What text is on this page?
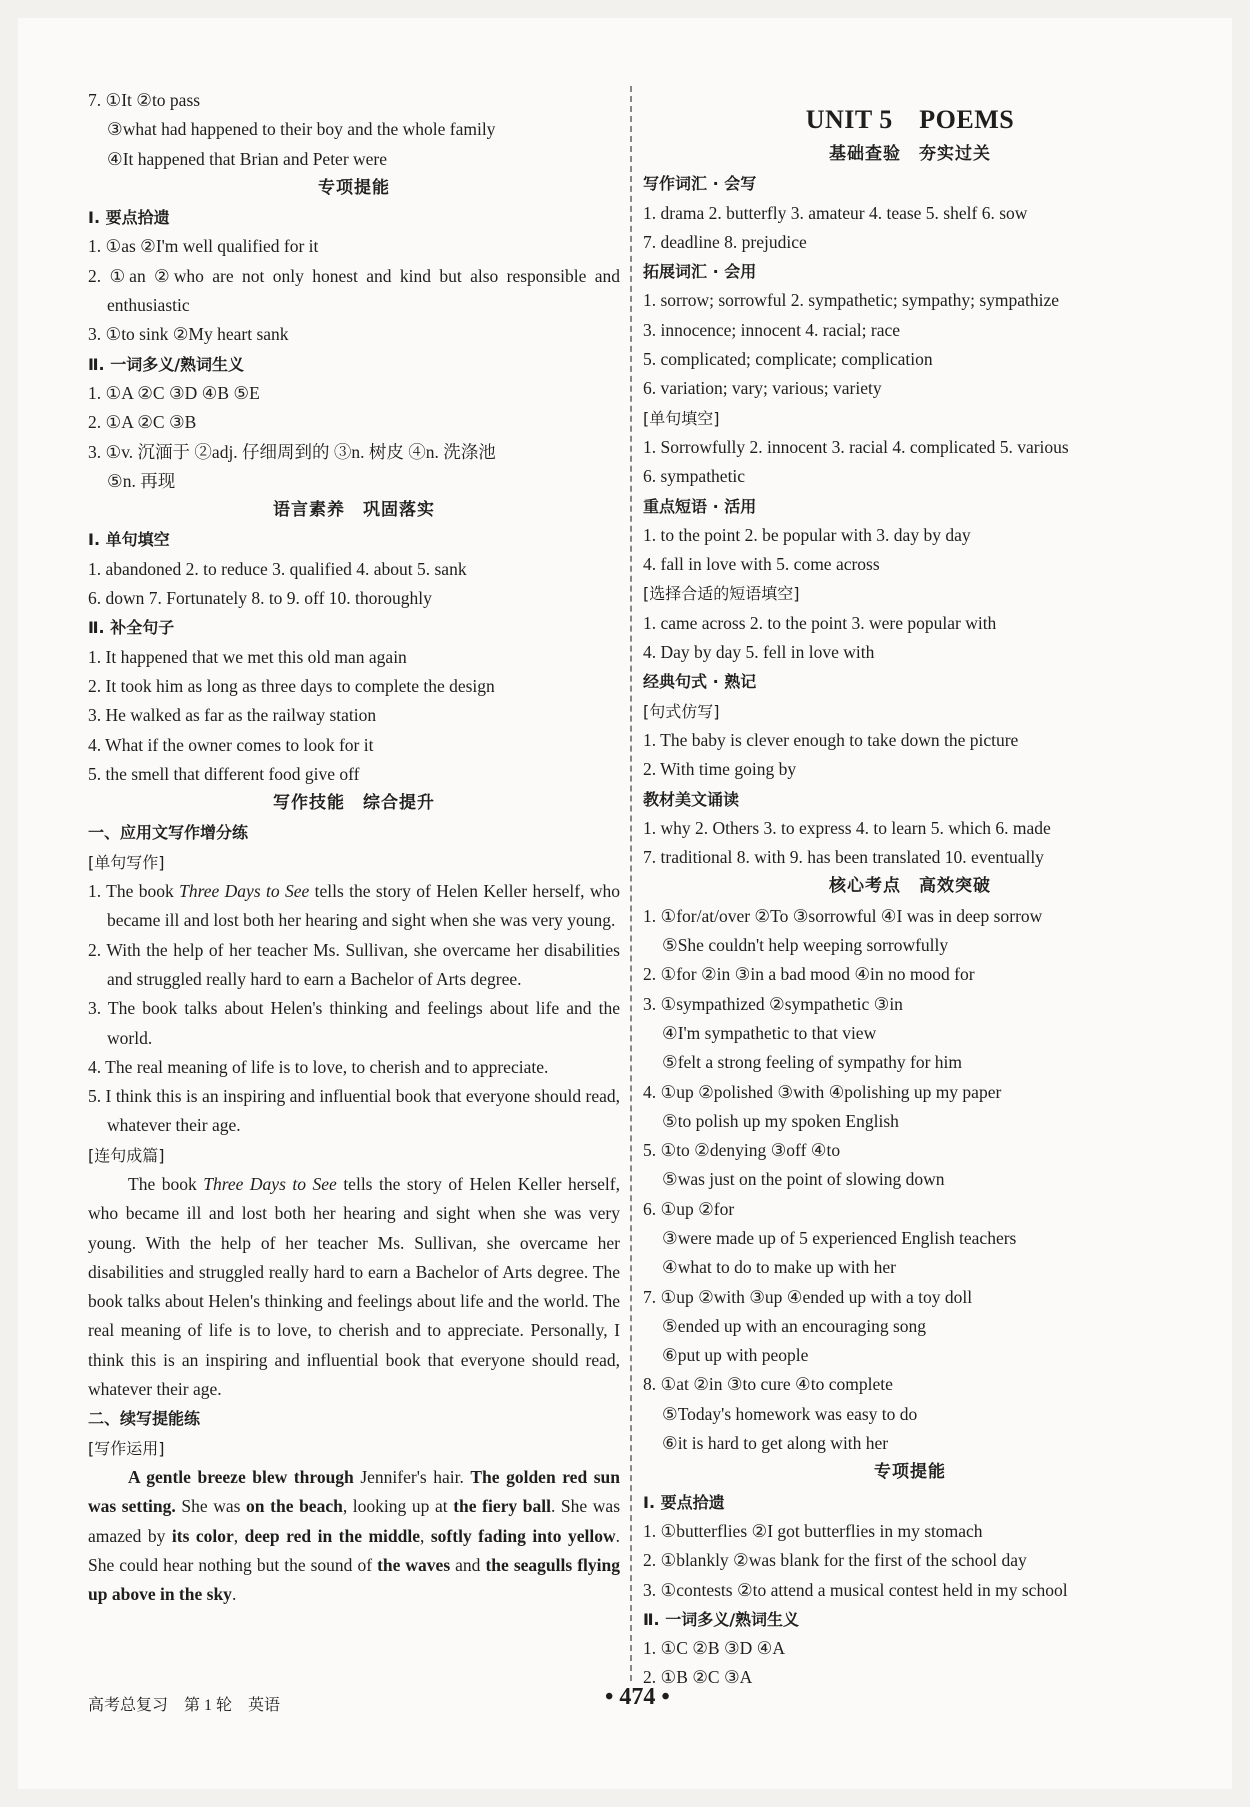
7. ①It ②to pass
③what had happened to their boy and the whole family
④It happened that Brian and Peter were
专项提能
Ⅰ. 要点拾遗
1. ①as ②I'm well qualified for it
2. ①an ②who are not only honest and kind but also responsible and enthusiastic
3. ①to sink ②My heart sank
Ⅱ. 一词多义/熟词生义
1. ①A ②C ③D ④B ⑤E
2. ①A ②C ③B
3. ①v. 沉湎于 ②adj. 仔细周到的 ③n. 树皮 ④n. 洗涤池
⑤n. 再现
语言素养　巩固落实
Ⅰ. 单句填空
1. abandoned 2. to reduce 3. qualified 4. about 5. sank
6. down 7. Fortunately 8. to 9. off 10. thoroughly
Ⅱ. 补全句子
1. It happened that we met this old man again
2. It took him as long as three days to complete the design
3. He walked as far as the railway station
4. What if the owner comes to look for it
5. the smell that different food give off
写作技能　综合提升
一、应用文写作增分练
[单句写作]
1. The book Three Days to See tells the story of Helen Keller herself, who became ill and lost both her hearing and sight when she was very young.
2. With the help of her teacher Ms. Sullivan, she overcame her disabilities and struggled really hard to earn a Bachelor of Arts degree.
3. The book talks about Helen's thinking and feelings about life and the world.
4. The real meaning of life is to love, to cherish and to appreciate.
5. I think this is an inspiring and influential book that everyone should read, whatever their age.
[连句成篇]
The book Three Days to See tells the story of Helen Keller herself, who became ill and lost both her hearing and sight when she was very young. With the help of her teacher Ms. Sullivan, she overcame her disabilities and struggled really hard to earn a Bachelor of Arts degree. The book talks about Helen's thinking and feelings about life and the world. The real meaning of life is to love, to cherish and to appreciate. Personally, I think this is an inspiring and influential book that everyone should read, whatever their age.
二、续写提能练
[写作运用]
A gentle breeze blew through Jennifer's hair. The golden red sun was setting. She was on the beach, looking up at the fiery ball. She was amazed by its color, deep red in the middle, softly fading into yellow. She could hear nothing but the sound of the waves and the seagulls flying up above in the sky.
UNIT 5　POEMS
基础查验　夯实过关
写作词汇 · 会写
1. drama 2. butterfly 3. amateur 4. tease 5. shelf 6. sow
7. deadline 8. prejudice
拓展词汇 · 会用
1. sorrow; sorrowful 2. sympathetic; sympathy; sympathize
3. innocence; innocent 4. racial; race
5. complicated; complicate; complication
6. variation; vary; various; variety
[单句填空]
1. Sorrowfully 2. innocent 3. racial 4. complicated 5. various
6. sympathetic
重点短语 · 活用
1. to the point 2. be popular with 3. day by day
4. fall in love with 5. come across
[选择合适的短语填空]
1. came across 2. to the point 3. were popular with
4. Day by day 5. fell in love with
经典句式 · 熟记
[句式仿写]
1. The baby is clever enough to take down the picture
2. With time going by
教材美文诵读
1. why 2. Others 3. to express 4. to learn 5. which 6. made
7. traditional 8. with 9. has been translated 10. eventually
核心考点　高效突破
1. ①for/at/over ②To ③sorrowful ④I was in deep sorrow
⑤She couldn't help weeping sorrowfully
2. ①for ②in ③in a bad mood ④in no mood for
3. ①sympathized ②sympathetic ③in
④I'm sympathetic to that view
⑤felt a strong feeling of sympathy for him
4. ①up ②polished ③with ④polishing up my paper
⑤to polish up my spoken English
5. ①to ②denying ③off ④to
⑤was just on the point of slowing down
6. ①up ②for
③were made up of 5 experienced English teachers
④what to do to make up with her
7. ①up ②with ③up ④ended up with a toy doll
⑤ended up with an encouraging song
⑥put up with people
8. ①at ②in ③to cure ④to complete
⑤Today's homework was easy to do
⑥it is hard to get along with her
专项提能
Ⅰ. 要点拾遗
1. ①butterflies ②I got butterflies in my stomach
2. ①blankly ②was blank for the first of the school day
3. ①contests ②to attend a musical contest held in my school
Ⅱ. 一词多义/熟词生义
1. ①C ②B ③D ④A
2. ①B ②C ③A
高考总复习　第 1 轮　英语	• 474 •
